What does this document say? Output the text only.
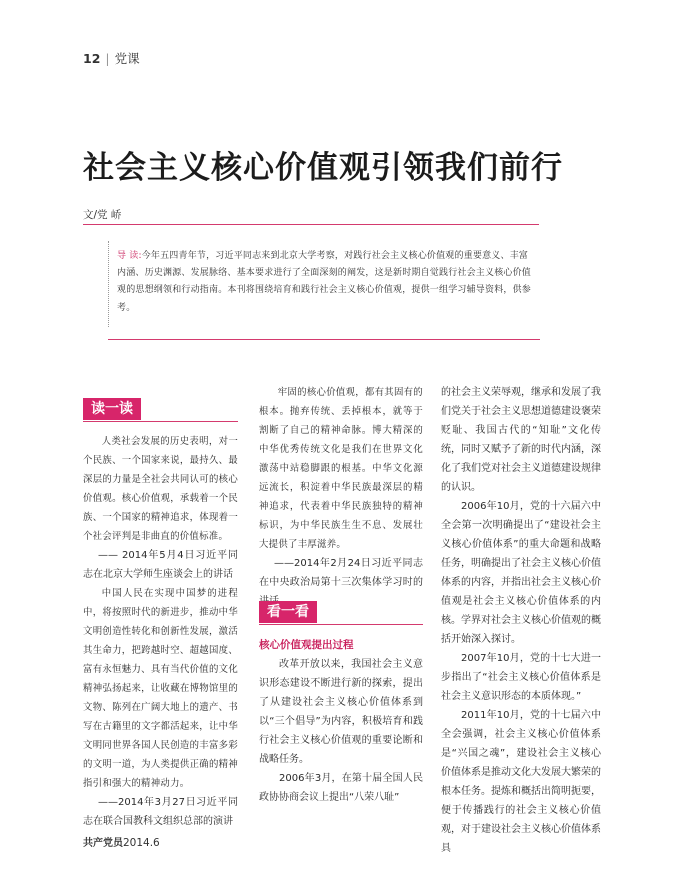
12 | 党课
社会主义核心价值观引领我们前行
文/党 峤
导 读:今年五四青年节，习近平同志来到北京大学考察，对践行社会主义核心价值观的重要意义、丰富内涵、历史渊源、发展脉络、基本要求进行了全面深刻的阐发，这是新时期自觉践行社会主义核心价值观的思想纲领和行动指南。本刊将围绕培育和践行社会主义核心价值观，提供一组学习辅导资料，供参考。
读一读

人类社会发展的历史表明，对一个民族、一个国家来说，最持久、最深层的力量是全社会共同认可的核心价值观。核心价值观，承载着一个民族、一个国家的精神追求，体现着一个社会评判是非曲直的价值标准。

—— 2014年5月4日习近平同志在北京大学师生座谈会上的讲话

中国人民在实现中国梦的进程中，将按照时代的新进步，推动中华文明创造性转化和创新性发展，激活其生命力，把跨越时空、超越国度、富有永恒魅力、具有当代价值的文化精神弘扬起来，让收藏在博物馆里的文物、陈列在广阔大地上的遗产、书写在古籍里的文字都活起来，让中华文明同世界各国人民创造的丰富多彩的文明一道，为人类提供正确的精神指引和强大的精神动力。

——2014年3月27日习近平同志在联合国教科文组织总部的演讲

牢固的核心价值观，都有其固有的根本。抛弃传统、丢掉根本，就等于割断了自己的精神命脉。博大精深的中华优秀传统文化是我们在世界文化激荡中站稳脚跟的根基。中华文化源远流长，积淀着中华民族最深层的精神追求，代表着中华民族独特的精神标识，为中华民族生生不息、发展壮大提供了丰厚滋养。

——2014年2月24日习近平同志在中央政治局第十三次集体学习时的

看一看
核心价值观提出过程

改革开放以来，我国社会主义意识形态建设不断进行新的探索，提出了从建设社会主义核心价值体系到以“三个倡导”为内容，积极培育和践行社会主义核心价值观的重要论断和战略任务。

2006年3月，在第十届全国人民政协协商会议上提出“八荣八耻”

的社会主义荣辱观，继承和发展了我们党关于社会主义思想道德建设褒荣贬耻、我国古代的“知耻”文化传统，同时又赋予了新的时代内涵，深化了我们党对社会主义道德建设规律的认识。

2006年10月，党的十六届六中全会第一次明确提出了“建设社会主义核心价值体系”的重大命题和战略任务，明确提出了社会主义核心价值体系的内容，并指出社会主义核心价值观是社会主义核心价值体系的内核。学界对社会主义核心价值观的概括开始深入探讨。

2007年10月，党的十七大进一步指出了“社会主义核心价值体系是社会主义意识形态的本质体现。”

2011年10月，党的十七届六中全会强调，社会主义核心价值体系是“兴国之魂”，建设社会主义核心价值体系是推动文化大发展大繁荣的根本任务。提炼和概括出简明扼要，便于传播践行的社会主义核心价值观，对于建设社会主义核心价值体系具

共产党员2014.6
